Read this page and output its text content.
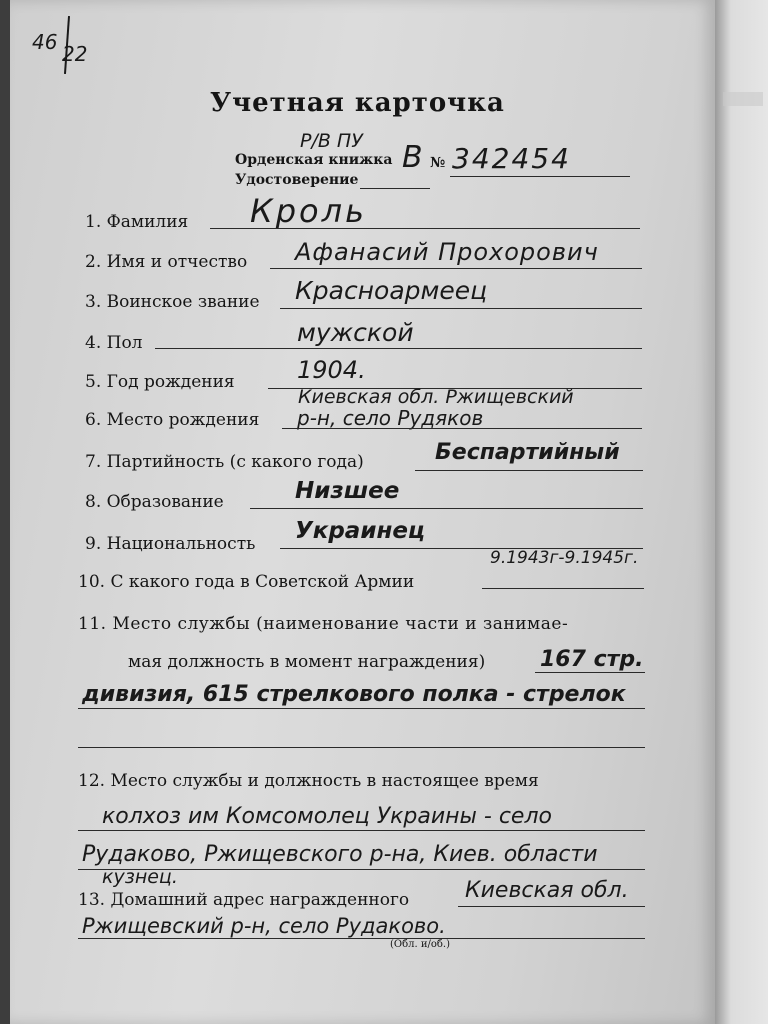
46 22
Учетная карточка
Р/В ПУ
Орденская книжка В № 342454
Удостоверение
1. Фамилия Кроль
2. Имя и отчество Афанасий Прохорович
3. Воинское звание Красноармеец
4. Пол	мужской
5. Год рождения	1904.
Киевская обл. Ржищевский
6. Место рождения р-н, село Рудяков
7. Партийность (с какого года)	Беспартийный
8. Образование	Низшее
9. Национальность Украинец
9.1943г-9.1945г.
10. С какого года в Советской Армии
11. Место службы (наименование части и занимае-
мая должность в момент награждения) 167 стр.
дивизия, 615 стрелкового полка - стрелок
12. Место службы и должность в настоящее время
колхоз им Комсомолец Украины - село
Рудаково, Ржищевского р-на, Киев. области
кузнец.
13. Домашний адрес награжденного	Киевская обл.
Ржищевский р-н, село Рудаково.
(Обл. и/об.)
